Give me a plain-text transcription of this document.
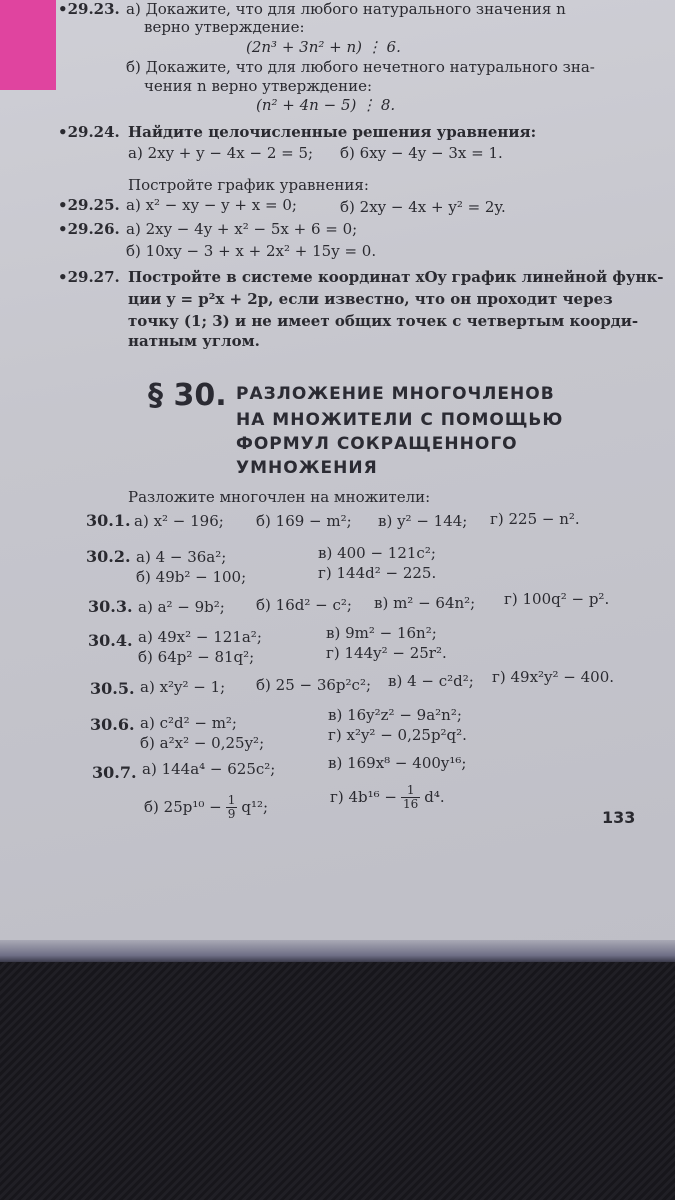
•29.23. а) Докажите, что для любого натурального значения n
верно утверждение:
(2n³ + 3n² + n) ⋮ 6.
б) Докажите, что для любого нечетного натурального зна-
чения n верно утверждение:
(n² + 4n − 5) ⋮ 8.
•29.24. Найдите целочисленные решения уравнения:
а) 2xy + y − 4x − 2 = 5; б) 6xy − 4y − 3x = 1.
Постройте график уравнения:
•29.25. а) x² − xy − y + x = 0;	б) 2xy − 4x + y² = 2y.
•29.26. а) 2xy − 4y + x² − 5x + 6 = 0;
б) 10xy − 3 + x + 2x² + 15y = 0.
•29.27. Постройте в системе координат xOy график линейной функ-
ции y = p²x + 2p, если известно, что он проходит через
точку (1; 3) и не имеет общих точек с четвертым коорди-
натным углом.
§ 30. РАЗЛОЖЕНИЕ МНОГОЧЛЕНОВ
НА МНОЖИТЕЛИ С ПОМОЩЬЮ
ФОРМУЛ СОКРАЩЕННОГО
УМНОЖЕНИЯ
Разложите многочлен на множители:
30.1. а) x² − 196; б) 169 − m²; в) y² − 144; г) 225 − n².
30.2. а) 4 − 36a²;
б) 49b² − 100;
в) 400 − 121c²;
г) 144d² − 225.
30.3. а) a² − 9b²; б) 16d² − c²; в) m² − 64n²; г) 100q² − p².
30.4. а) 49x² − 121a²;
б) 64p² − 81q²;
в) 9m² − 16n²;
г) 144y² − 25r².
30.5. а) x²y² − 1; б) 25 − 36p²c²; в) 4 − c²d²; г) 49x²y² − 400.
30.6. а) c²d² − m²;
б) a²x² − 0,25y²;
в) 16y²z² − 9a²n²;
г) x²y² − 0,25p²q².
30.7. а) 144a⁴ − 625c²;	в) 169x⁸ − 400y¹⁶;
б) $25p^{10} - \frac{1}{9} q^{12}$;
г) $4b^{16} - \frac{1}{16} d^4$.
133
